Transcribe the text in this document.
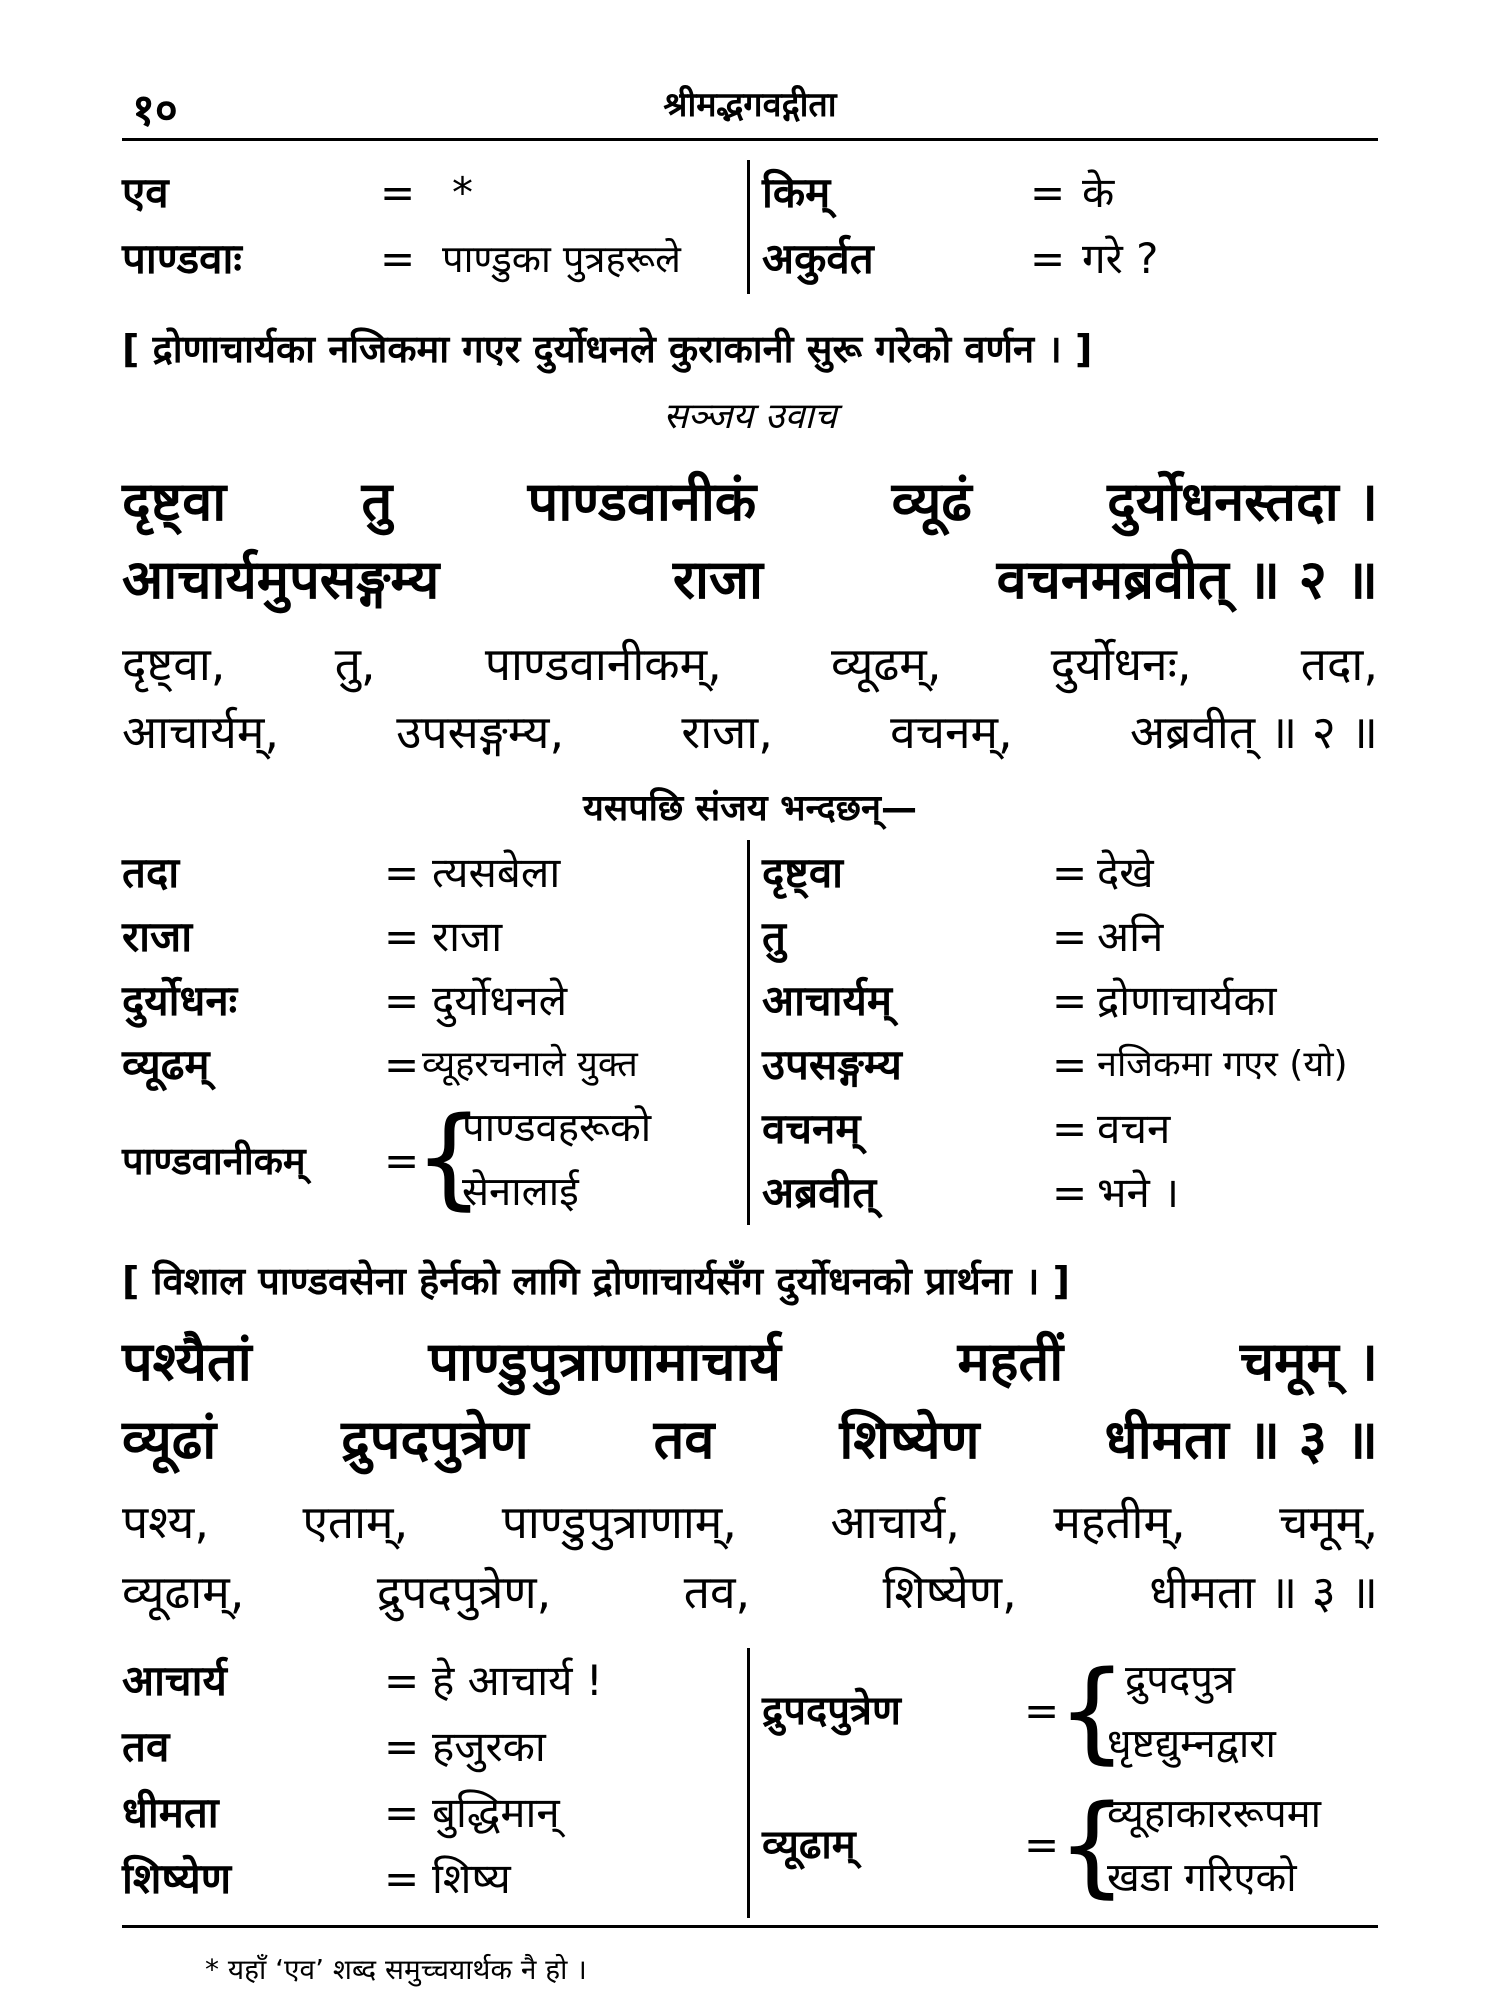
१०	श्रीमद्भगवद्गीता
एव	= *
पाण्डवाः	= पाण्डुका पुत्रहरूले
किम्	= के
अकुर्वत	= गरे ?
[ द्रोणाचार्यका नजिकमा गएर दुर्योधनले कुराकानी सुरू गरेको वर्णन । ]
सञ्जय उवाच
दृष्ट्वा	तु	पाण्डवानीकं	व्यूढं	दुर्योधनस्तदा ।
आचार्यमुपसङ्गम्य	राजा	वचनमब्रवीत् ॥ २ ॥
दृष्ट्वा, तु, पाण्डवानीकम्, व्यूढम्, दुर्योधनः, तदा,
आचार्यम्,	उपसङ्गम्य,	राजा,	वचनम्,	अब्रवीत् ॥ २ ॥
यसपछि संजय भन्दछन्—
तदा	= त्यसबेला
राजा	= राजा
दुर्योधनः	= दुर्योधनले
व्यूढम्	= व्यूहरचनाले युक्त
पाण्डवानीकम् =
{
पाण्डवहरूको
सेनालाई
दृष्ट्वा	= देखे
तु	= अनि
आचार्यम्	= द्रोणाचार्यका
उपसङ्गम्य	= नजिकमा गएर (यो)
वचनम्	= वचन
अब्रवीत्	= भने ।
[ विशाल पाण्डवसेना हेर्नको लागि द्रोणाचार्यसँग दुर्योधनको प्रार्थना । ]
पश्यैतां	पाण्डुपुत्राणामाचार्य	महतीं	चमूम् ।
व्यूढां द्रुपदपुत्रेण तव शिष्येण धीमता ॥ ३ ॥
पश्य, एताम्, पाण्डुपुत्राणाम्, आचार्य, महतीम्, चमूम्,
व्यूढाम्,	द्रुपदपुत्रेण,	तव,	शिष्येण,	धीमता ॥ ३ ॥
आचार्य	= हे आचार्य !
तव	= हजुरका
धीमता	= बुद्धिमान्
शिष्येण	= शिष्य
द्रुपदपुत्रेण	=
{
द्रुपदपुत्र
धृष्टद्युम्नद्वारा
व्यूढाम्	=
{
व्यूहाकाररूपमा
खडा गरिएको
* यहाँ ‘एव’ शब्द समुच्चयार्थक नै हो ।
